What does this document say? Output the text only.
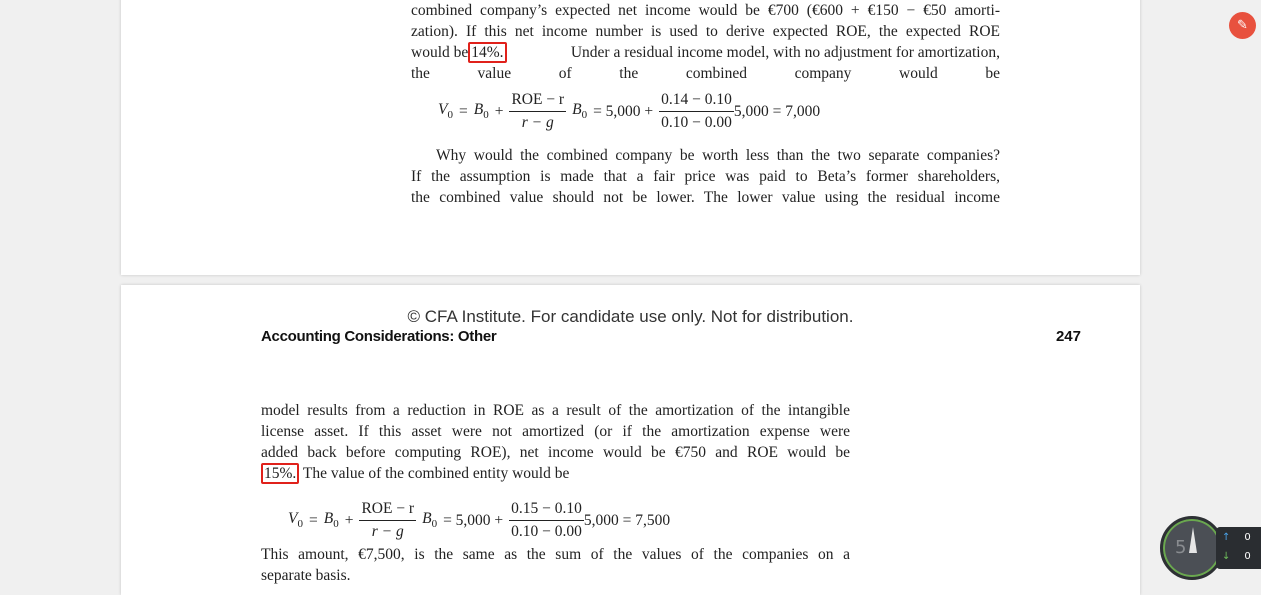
combined company’s expected net income would be €700 (€600 + €150 − €50 amorti-
zation). If this net income number is used to derive expected ROE, the expected ROE
would be 14%.	Under a residual income model, with no adjustment for amortization,
the value of the combined company would be
$V_0 = B_0 + \frac{\text{ROE − r}}{r - g} B_0 = 5,000 + \frac{0.14 - 0.10}{0.10 - 0.00} 5,000 = 7,000$
Why would the combined company be worth less than the two separate companies?
If the assumption is made that a fair price was paid to Beta’s former shareholders,
the combined value should not be lower. The lower value using the residual income
© CFA Institute. For candidate use only. Not for distribution.
Accounting Considerations: Other	247
model results from a reduction in ROE as a result of the amortization of the intangible
license asset. If this asset were not amortized (or if the amortization expense were
added back before computing ROE), net income would be €750 and ROE would be
15%. The value of the combined entity would be
$V_0 = B_0 + \frac{\text{ROE − r}}{r - g} B_0 = 5,000 + \frac{0.15 - 0.10}{0.10 - 0.00} 5,000 = 7,500$
This amount, €7,500, is the same as the sum of the values of the companies on a
separate basis.
✎
5	↑ 0
↓ 0
